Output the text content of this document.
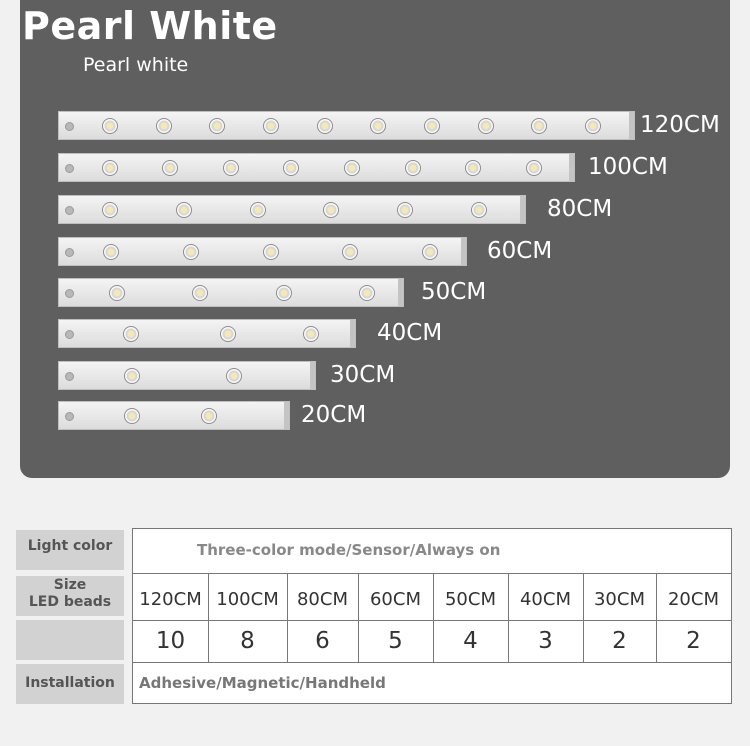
Pearl White
Pearl white
120CM
100CM
80CM
60CM
50CM
40CM
30CM
20CM
Light color
Size
LED beads
Installation
Three-color mode/Sensor/Always on
120CM
10
100CM
8
80CM
6
60CM
5
50CM
4
40CM
3
30CM
2
20CM
2
Adhesive/Magnetic/Handheld
